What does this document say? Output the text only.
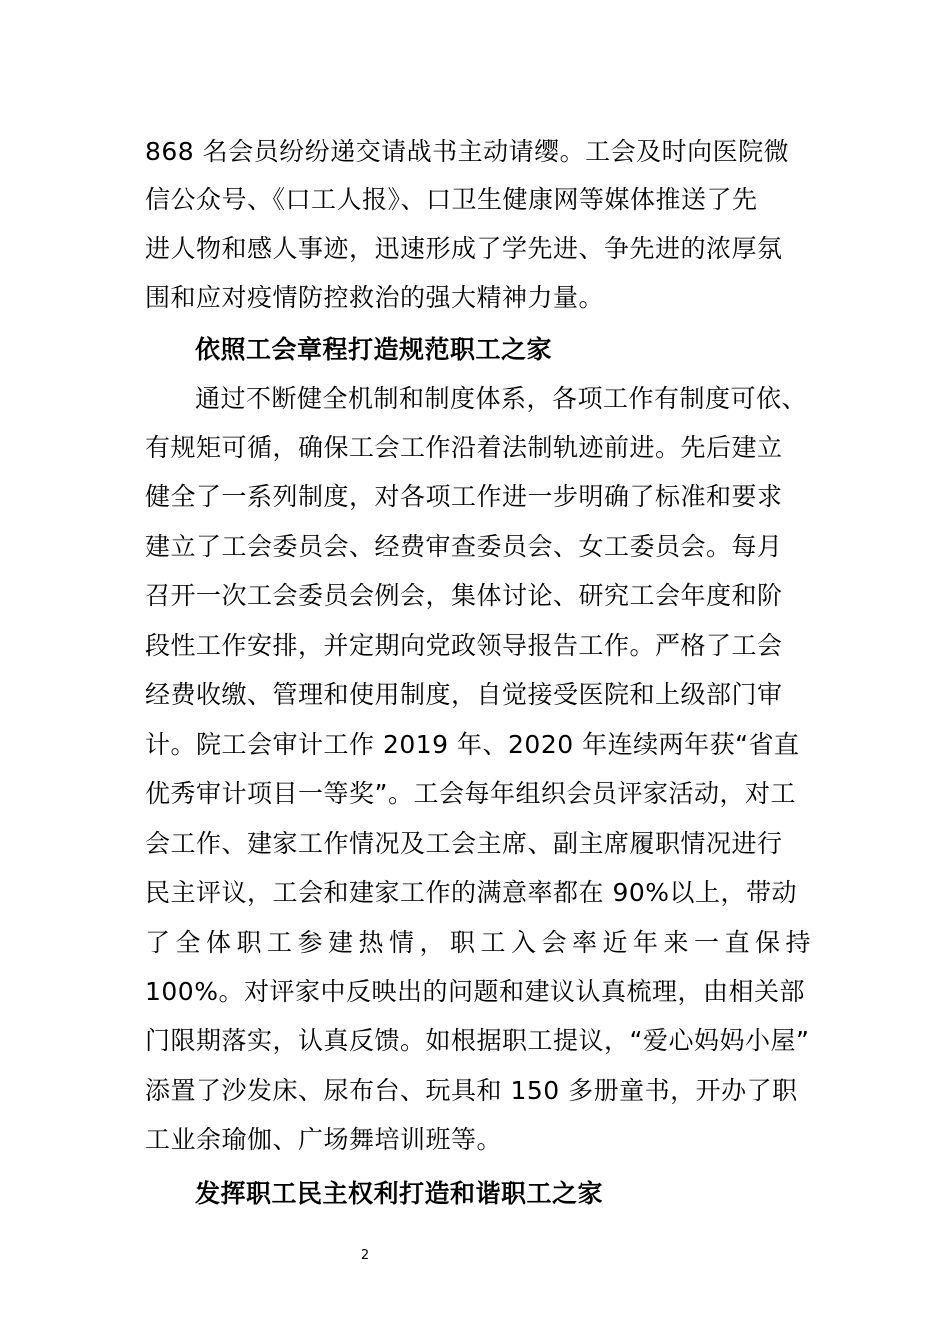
868 名会员纷纷递交请战书主动请缨。工会及时向医院微
信公众号、《口工人报》、口卫生健康网等媒体推送了先
进人物和感人事迹，迅速形成了学先进、争先进的浓厚氛
围和应对疫情防控救治的强大精神力量。
依照工会章程打造规范职工之家
通过不断健全机制和制度体系，各项工作有制度可依、
有规矩可循，确保工会工作沿着法制轨迹前进。先后建立
健全了一系列制度，对各项工作进一步明确了标准和要求
建立了工会委员会、经费审查委员会、女工委员会。每月
召开一次工会委员会例会，集体讨论、研究工会年度和阶
段性工作安排，并定期向党政领导报告工作。严格了工会
经费收缴、管理和使用制度，自觉接受医院和上级部门审
计。院工会审计工作 2019 年、2020 年连续两年获“省直
优秀审计项目一等奖”。工会每年组织会员评家活动，对工
会工作、建家工作情况及工会主席、副主席履职情况进行
民主评议，工会和建家工作的满意率都在 90%以上，带动
了全体职工参建热情，职工入会率近年来一直保持
100%。对评家中反映出的问题和建议认真梳理，由相关部
门限期落实，认真反馈。如根据职工提议，“爱心妈妈小屋”
添置了沙发床、尿布台、玩具和 150 多册童书，开办了职
工业余瑜伽、广场舞培训班等。
发挥职工民主权利打造和谐职工之家
2
